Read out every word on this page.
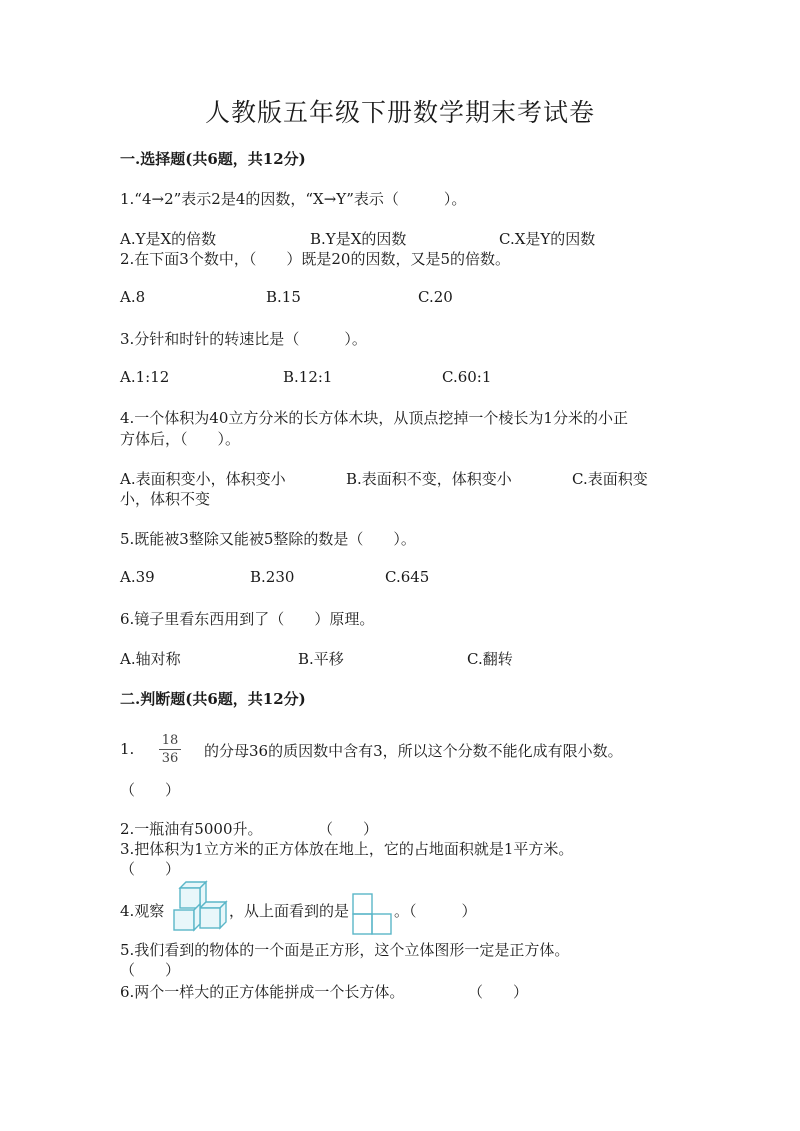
人教版五年级下册数学期末考试卷
一.选择题(共6题，共12分)
1.“4→2”表示2是4的因数，“X→Y”表示（　　　）。
A.Y是X的倍数	B.Y是X的因数	C.X是Y的因数
2.在下面3个数中，（　　）既是20的因数，又是5的倍数。
A.8	B.15	C.20
3.分针和时针的转速比是（　　　）。
A.1:12	B.12:1	C.60:1
4.一个体积为40立方分米的长方体木块，从顶点挖掉一个棱长为1分米的小正
方体后，（　　）。
A.表面积变小，体积变小	B.表面积不变，体积变小	C.表面积变
小，体积不变
5.既能被3整除又能被5整除的数是（　　）。
A.39	B.230	C.645
6.镜子里看东西用到了（　　）原理。
A.轴对称	B.平移	C.翻转
二.判断题(共6题，共12分)
1. 18
36 的分母36的质因数中含有3，所以这个分数不能化成有限小数。
（　　）
2.一瓶油有5000升。	（　　）
3.把体积为1立方米的正方体放在地上，它的占地面积就是1平方米。
（　　）
4.观察	，从上面看到的是	。（　　　）
5.我们看到的物体的一个面是正方形，这个立体图形一定是正方体。
（　　）
6.两个一样大的正方体能拼成一个长方体。	（　　）
